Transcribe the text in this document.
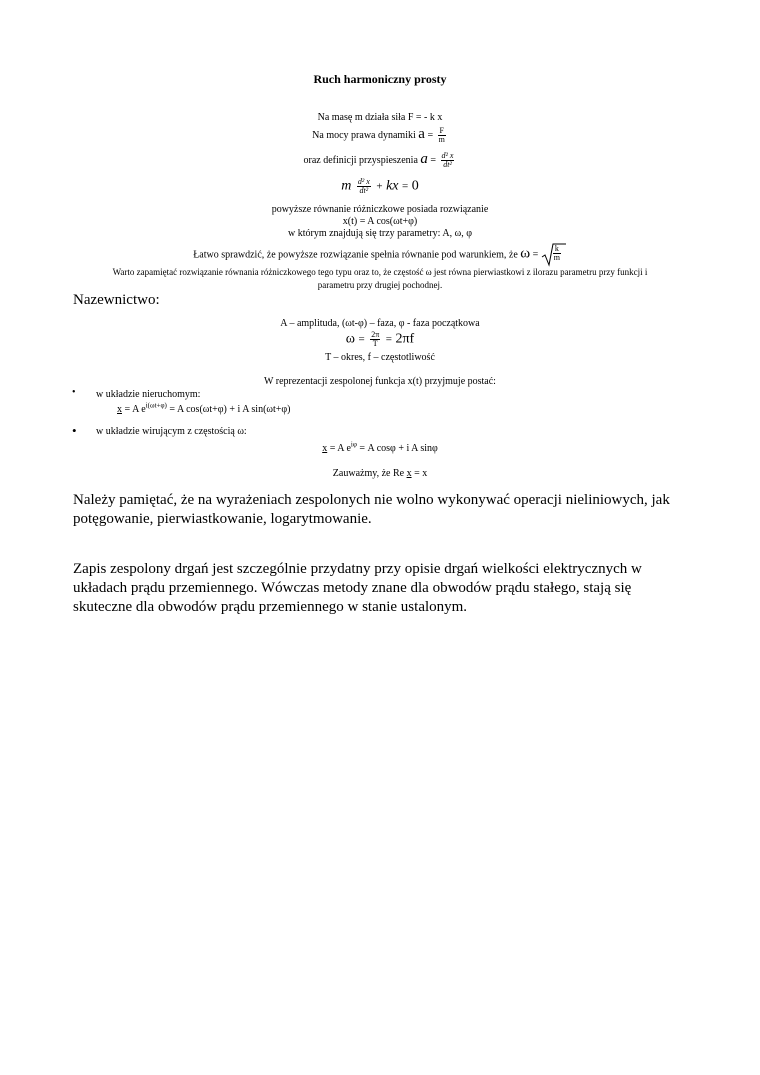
Ruch harmoniczny prosty
Na masę m działa siła F = - k x
Na mocy prawa dynamiki $a = \frac{F}{m}$
oraz definicji przyspieszenia $a = \frac{\text{d² x}}{\text{dt²}}$
m $\frac{\text{d² x}}{\text{dt²}}$ + kx = 0
powyższe równanie różniczkowe posiada rozwiązanie
x(t) = A cos(ωt+φ)
w którym znajdują się trzy parametry: A, ω, φ
Łatwo sprawdzić, że powyższe rozwiązanie spełnia równanie pod warunkiem, że $\omega = \frac{k}{m}$
Warto zapamiętać rozwiązanie równania różniczkowego tego typu oraz to, że częstość ω jest równa pierwiastkowi z ilorazu parametru przy funkcji i
parametru przy drugiej pochodnej.
Nazewnictwo:
A – amplituda, (ωt-φ) – faza, φ - faza początkowa
$\omega = \frac{2\pi}{T} = 2\pi f$
T – okres, f – częstotliwość
W reprezentacji zespolonej funkcja x(t) przyjmuje postać:
• w układzie nieruchomym:
x = A $e^{i(\omega t+\varphi)} = A$ cos(ωt+φ) + i A sin(ωt+φ)
• w układzie wirującym z częstością ω:
x = A $e^{i\varphi} = A$ cosφ + i A sinφ
Zauważmy, że Re x = x
Należy pamiętać, że na wyrażeniach zespolonych nie wolno wykonywać operacji nieliniowych, jak potęgowanie, pierwiastkowanie, logarytmowanie.
Zapis zespolony drgań jest szczególnie przydatny przy opisie drgań wielkości elektrycznych w układach prądu przemiennego. Wówczas metody znane dla obwodów prądu stałego, stają się skuteczne dla obwodów prądu przemiennego w stanie ustalonym.
